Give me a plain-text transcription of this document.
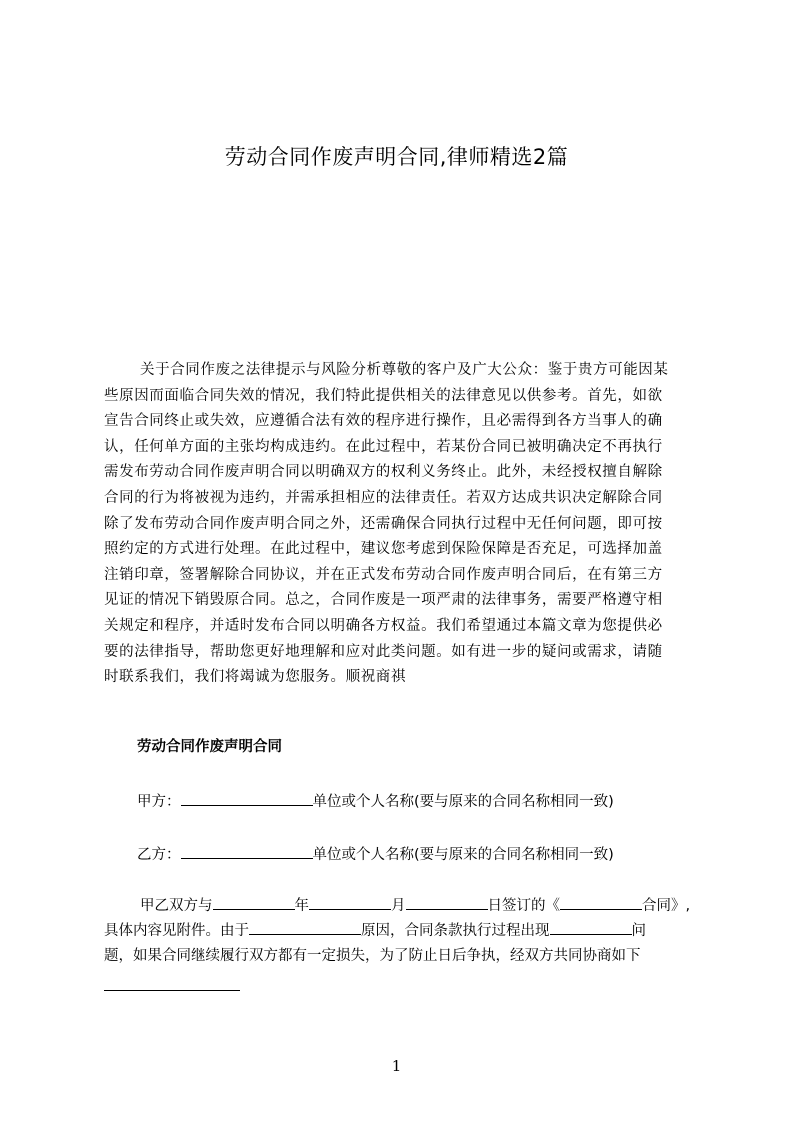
劳动合同作废声明合同,律师精选2篇
关于合同作废之法律提示与风险分析尊敬的客户及广大公众：鉴于贵方可能因某
些原因而面临合同失效的情况，我们特此提供相关的法律意见以供参考。首先，如欲
宣告合同终止或失效，应遵循合法有效的程序进行操作，且必需得到各方当事人的确
认，任何单方面的主张均构成违约。在此过程中，若某份合同已被明确决定不再执行
需发布劳动合同作废声明合同以明确双方的权利义务终止。此外，未经授权擅自解除
合同的行为将被视为违约，并需承担相应的法律责任。若双方达成共识决定解除合同
除了发布劳动合同作废声明合同之外，还需确保合同执行过程中无任何问题，即可按
照约定的方式进行处理。在此过程中，建议您考虑到保险保障是否充足，可选择加盖
注销印章，签署解除合同协议，并在正式发布劳动合同作废声明合同后，在有第三方
见证的情况下销毁原合同。总之，合同作废是一项严肃的法律事务，需要严格遵守相
关规定和程序，并适时发布合同以明确各方权益。我们希望通过本篇文章为您提供必
要的法律指导，帮助您更好地理解和应对此类问题。如有进一步的疑问或需求，请随
时联系我们，我们将竭诚为您服务。顺祝商祺
劳动合同作废声明合同
甲方：	单位或个人名称(要与原来的合同名称相同一致)
乙方：	单位或个人名称(要与原来的合同名称相同一致)
甲乙双方与	年	月	日签订的《	合同》,
具体内容见附件。由于	原因，合同条款执行过程出现	问
题，如果合同继续履行双方都有一定损失，为了防止日后争执，经双方共同协商如下
1
